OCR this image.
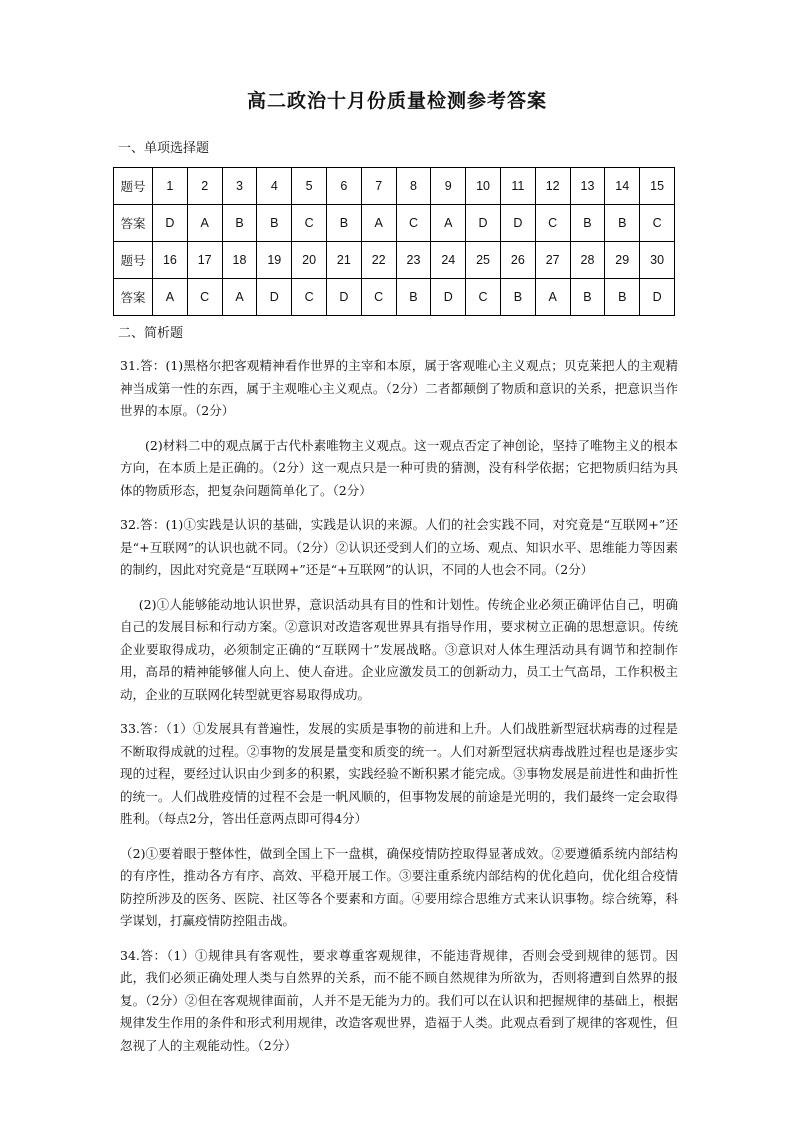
高二政治十月份质量检测参考答案
一、单项选择题
题号	1	2	3	4	5	6	7	8	9	10	11	12	13	14	15
答案	D	A	B	B	C	B	A	C	A	D	D	C	B	B	C
题号	16	17	18	19	20	21	22	23	24	25	26	27	28	29	30
答案	A	C	A	D	C	D	C	B	D	C	B	A	B	B	D
二、简析题

31.答：(1)黑格尔把客观精神看作世界的主宰和本原，属于客观唯心主义观点；贝克莱把人的主观精神当成第一性的东西，属于主观唯心主义观点。（2分）二者都颠倒了物质和意识的关系，把意识当作世界的本原。（2分）

(2)材料二中的观点属于古代朴素唯物主义观点。这一观点否定了神创论，坚持了唯物主义的根本方向，在本质上是正确的。（2分）这一观点只是一种可贵的猜测，没有科学依据；它把物质归结为具体的物质形态，把复杂问题简单化了。（2分）

32.答：(1)①实践是认识的基础，实践是认识的来源。人们的社会实践不同，对究竟是“互联网+”还是“+互联网”的认识也就不同。（2分）②认识还受到人们的立场、观点、知识水平、思维能力等因素的制约，因此对究竟是“互联网+”还是“+互联网”的认识，不同的人也会不同。（2分）

(2)①人能够能动地认识世界，意识活动具有目的性和计划性。传统企业必须正确评估自己，明确自己的发展目标和行动方案。②意识对改造客观世界具有指导作用，要求树立正确的思想意识。传统企业要取得成功，必须制定正确的“互联网十”发展战略。③意识对人体生理活动具有调节和控制作用，高昂的精神能够催人向上、使人奋进。企业应激发员工的创新动力，员工士气高昂，工作积极主动，企业的互联网化转型就更容易取得成功。

33.答：（1）①发展具有普遍性，发展的实质是事物的前进和上升。人们战胜新型冠状病毒的过程是不断取得成就的过程。②事物的发展是量变和质变的统一。人们对新型冠状病毒战胜过程也是逐步实现的过程，要经过认识由少到多的积累，实践经验不断积累才能完成。③事物发展是前进性和曲折性的统一。人们战胜疫情的过程不会是一帆风顺的，但事物发展的前途是光明的，我们最终一定会取得胜利。（每点2分，答出任意两点即可得4分）

（2)①要着眼于整体性，做到全国上下一盘棋，确保疫情防控取得显著成效。②要遵循系统内部结构的有序性，推动各方有序、高效、平稳开展工作。③要注重系统内部结构的优化趋向，优化组合疫情防控所涉及的医务、医院、社区等各个要素和方面。④要用综合思维方式来认识事物。综合统筹，科学谋划，打赢疫情防控阻击战。

34.答：（1）①规律具有客观性，要求尊重客观规律，不能违背规律，否则会受到规律的惩罚。因此，我们必须正确处理人类与自然界的关系，而不能不顾自然规律为所欲为，否则将遭到自然界的报复。（2分）②但在客观规律面前，人并不是无能为力的。我们可以在认识和把握规律的基础上，根据规律发生作用的条件和形式利用规律，改造客观世界，造福于人类。此观点看到了规律的客观性，但忽视了人的主观能动性。（2分）
